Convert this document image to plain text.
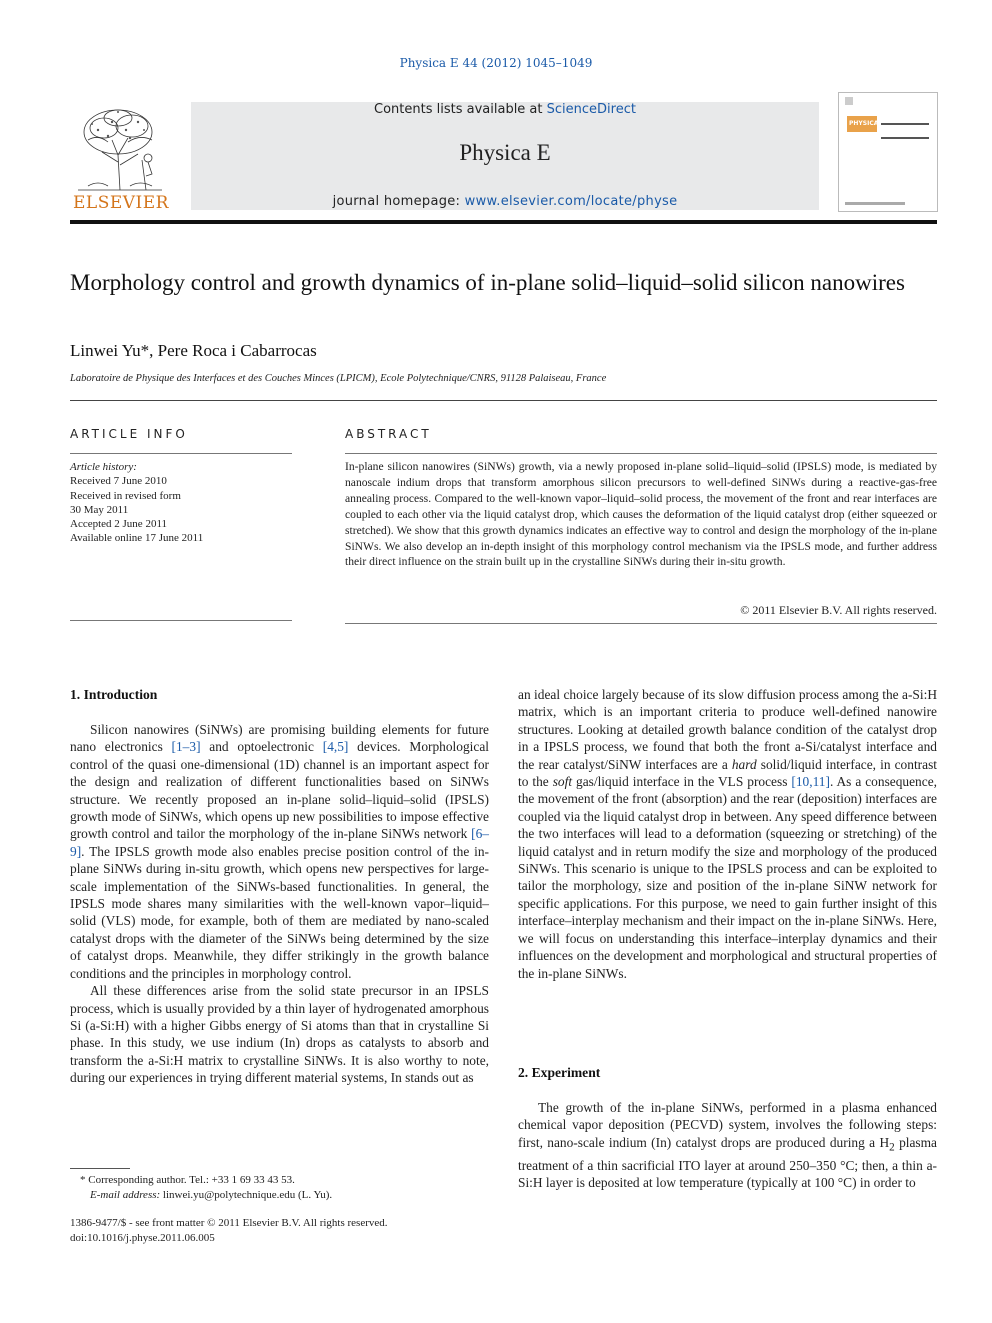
Physica E 44 (2012) 1045–1049
ELSEVIER
Contents lists available at ScienceDirect
Physica E
journal homepage: www.elsevier.com/locate/physe
PHYSICA E
Morphology control and growth dynamics of in-plane solid–liquid–solid silicon nanowires
Linwei Yu*, Pere Roca i Cabarrocas
Laboratoire de Physique des Interfaces et des Couches Minces (LPICM), Ecole Polytechnique/CNRS, 91128 Palaiseau, France
ARTICLE INFO
Article history:
Received 7 June 2010
Received in revised form
30 May 2011
Accepted 2 June 2011
Available online 17 June 2011
ABSTRACT
In-plane silicon nanowires (SiNWs) growth, via a newly proposed in-plane solid–liquid–solid (IPSLS) mode, is mediated by nanoscale indium drops that transform amorphous silicon precursors to well-defined SiNWs during a reactive-gas-free annealing process. Compared to the well-known vapor–liquid–solid process, the movement of the front and rear interfaces are coupled to each other via the liquid catalyst drop, which causes the deformation of the liquid catalyst drop (either squeezed or stretched). We show that this growth dynamics indicates an effective way to control and design the morphology of the in-plane SiNWs. We also develop an in-depth insight of this morphology control mechanism via the IPSLS mode, and further address their direct influence on the strain built up in the crystalline SiNWs during their in-situ growth.
© 2011 Elsevier B.V. All rights reserved.
1. Introduction

Silicon nanowires (SiNWs) are promising building elements for future nano electronics [1–3] and optoelectronic [4,5] devices. Morphological control of the quasi one-dimensional (1D) channel is an important aspect for the design and realization of different functionalities based on SiNWs structure. We recently proposed an in-plane solid–liquid–solid (IPSLS) growth mode of SiNWs, which opens up new possibilities to impose effective growth control and tailor the morphology of the in-plane SiNWs network [6–9]. The IPSLS growth mode also enables precise position control of the in-plane SiNWs during in-situ growth, which opens new perspectives for large-scale implementation of the SiNWs-based functionalities. In general, the IPSLS mode shares many similarities with the well-known vapor–liquid–solid (VLS) mode, for example, both of them are mediated by nano-scaled catalyst drops with the diameter of the SiNWs being determined by the size of catalyst drops. Meanwhile, they differ strikingly in the growth balance conditions and the principles in morphology control.

All these differences arise from the solid state precursor in an IPSLS process, which is usually provided by a thin layer of hydrogenated amorphous Si (a-Si:H) with a higher Gibbs energy of Si atoms than that in crystalline Si phase. In this study, we use indium (In) drops as catalysts to absorb and transform the a-Si:H matrix to crystalline SiNWs. It is also worthy to note, during our experiences in trying different material systems, In stands out as

* Corresponding author. Tel.: +33 1 69 33 43 53.
E-mail address: linwei.yu@polytechnique.edu (L. Yu).
1386-9477/$ - see front matter © 2011 Elsevier B.V. All rights reserved.
doi:10.1016/j.physe.2011.06.005

an ideal choice largely because of its slow diffusion process among the a-Si:H matrix, which is an important criteria to produce well-defined nanowire structures. Looking at detailed growth balance condition of the catalyst drop in a IPSLS process, we found that both the front a-Si/catalyst interface and the rear catalyst/SiNW interfaces are a hard solid/liquid interface, in contrast to the soft gas/liquid interface in the VLS process [10,11]. As a consequence, the movement of the front (absorption) and the rear (deposition) interfaces are coupled via the liquid catalyst drop in between. Any speed difference between the two interfaces will lead to a deformation (squeezing or stretching) of the liquid catalyst and in return modify the size and morphology of the produced SiNWs. This scenario is unique to the IPSLS process and can be exploited to tailor the morphology, size and position of the in-plane SiNW network for specific applications. For this purpose, we need to gain further insight of this interface–interplay mechanism and their impact on the in-plane SiNWs. Here, we will focus on understanding this interface–interplay dynamics and their influences on the development and morphological and structural properties of the in-plane SiNWs.

2. Experiment

The growth of the in-plane SiNWs, performed in a plasma enhanced chemical vapor deposition (PECVD) system, involves the following steps: first, nano-scale indium (In) catalyst drops are produced during a $H_2$ plasma treatment of a thin sacrificial ITO layer at around 250–350 °C; then, a thin a-Si:H layer is deposited at low temperature (typically at 100 °C) in order to
